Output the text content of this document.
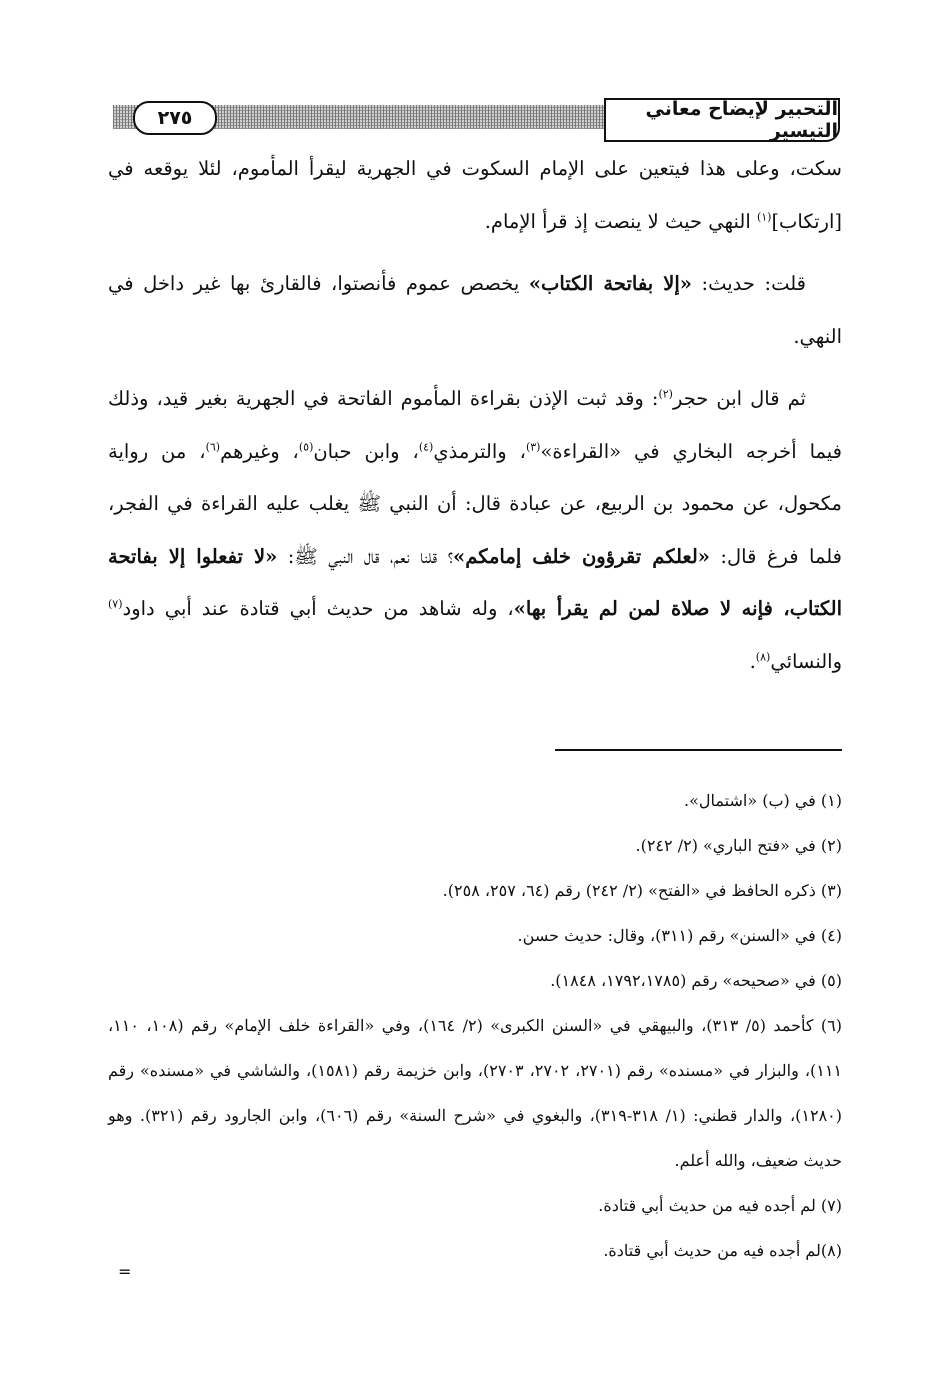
التحبير لإيضاح معاني التيسير
٢٧٥

سكت، وعلى هذا فيتعين على الإمام السكوت في الجهرية ليقرأ المأموم، لئلا يوقعه في [ارتكاب]$^{(١)}$ النهي حيث لا ينصت إذ قرأ الإمام.

قلت: حديث: «إلا بفاتحة الكتاب» يخصص عموم فأنصتوا، فالقارئ بها غير داخل في النهي.

ثم قال ابن حجر$^{(٢)}$: وقد ثبت الإذن بقراءة المأموم الفاتحة في الجهرية بغير قيد، وذلك فيما أخرجه البخاري في «القراءة»$^{(٣)}$، والترمذي$^{(٤)}$، وابن حبان$^{(٥)}$، وغيرهم$^{(٦)}$، من رواية مكحول، عن محمود بن الربيع، عن عبادة قال: أن النبي ﷺ يغلب عليه القراءة في الفجر، فلما فرغ قال: «لعلكم تقرؤون خلف إمامكم»؟ قلنا نعم، قال النبي ﷺ: «لا تفعلوا إلا بفاتحة الكتاب، فإنه لا صلاة لمن لم يقرأ بها»، وله شاهد من حديث أبي قتادة عند أبي داود$^{(٧)}$ والنسائي$^{(٨)}$.

(١) في (ب) «اشتمال».

(٢) في «فتح الباري» (٢/ ٢٤٢).

(٣) ذكره الحافظ في «الفتح» (٢/ ٢٤٢) رقم (٦٤، ٢٥٧، ٢٥٨).

(٤) في «السنن» رقم (٣١١)، وقال: حديث حسن.

(٥) في «صحيحه» رقم (١٧٩٢،١٧٨٥، ١٨٤٨).

(٦) كأحمد (٥/ ٣١٣)، والبيهقي في «السنن الكبرى» (٢/ ١٦٤)، وفي «القراءة خلف الإمام» رقم (١٠٨، ١١٠، ١١١)، والبزار في «مسنده» رقم (٢٧٠١، ٢٧٠٢، ٢٧٠٣)، وابن خزيمة رقم (١٥٨١)، والشاشي في «مسنده» رقم (١٢٨٠)، والدار قطني: (١/ ٣١٨-٣١٩)، والبغوي في «شرح السنة» رقم (٦٠٦)، وابن الجارود رقم (٣٢١). وهو حديث ضعيف، والله أعلم.

(٧) لم أجده فيه من حديث أبي قتادة.

(٨)لم أجده فيه من حديث أبي قتادة.

=
